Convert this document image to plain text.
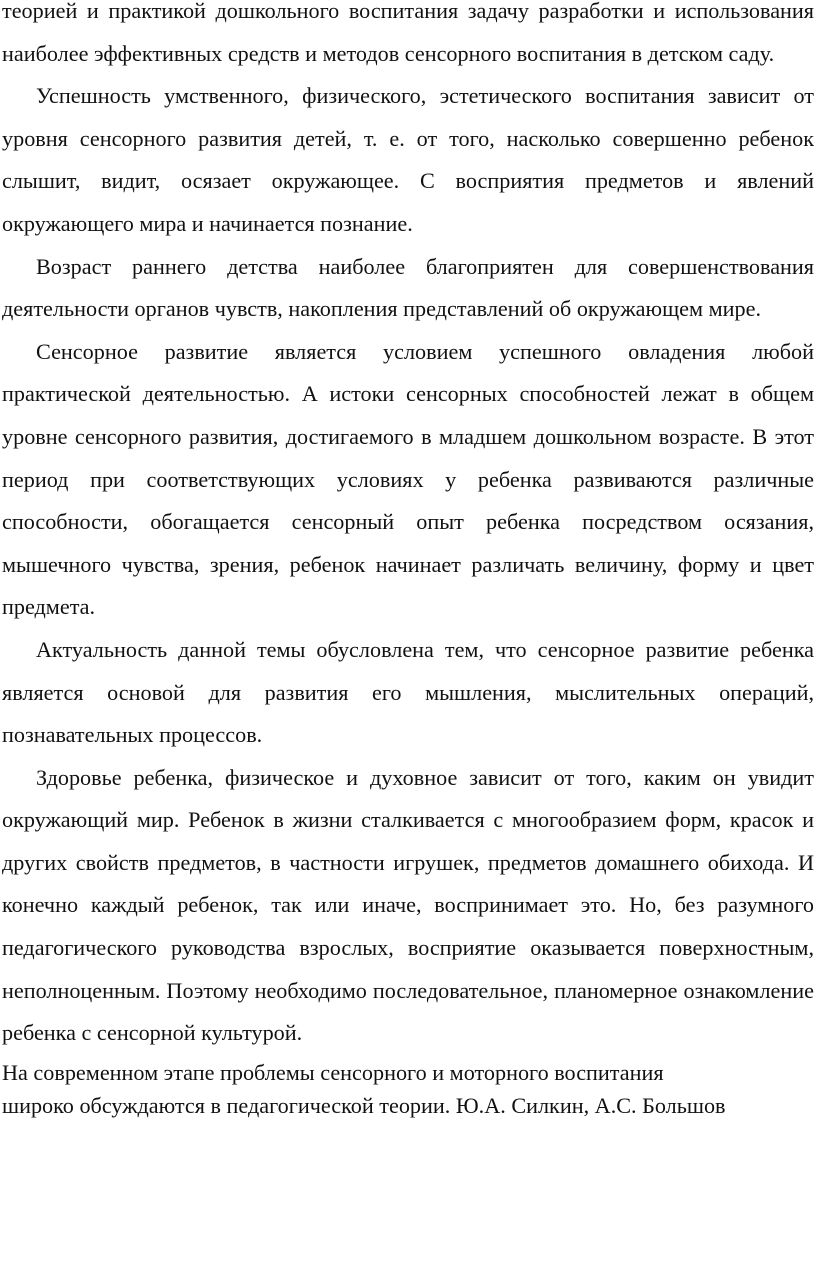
теорией и практикой дошкольного воспитания задачу разработки и использования наиболее эффективных средств и методов сенсорного воспитания в детском саду.

Успешность умственного, физического, эстетического воспитания зависит от уровня сенсорного развития детей, т. е. от того, насколько совершенно ребенок слышит, видит, осязает окружающее. С восприятия предметов и явлений окружающего мира и начинается познание.

Возраст раннего детства наиболее благоприятен для совершенствования деятельности органов чувств, накопления представлений об окружающем мире.

Сенсорное развитие является условием успешного овладения любой практической деятельностью. А истоки сенсорных способностей лежат в общем уровне сенсорного развития, достигаемого в младшем дошкольном возрасте. В этот период при соответствующих условиях у ребенка развиваются различные способности, обогащается сенсорный опыт ребенка посредством осязания, мышечного чувства, зрения, ребенок начинает различать величину, форму и цвет предмета.

Актуальность данной темы обусловлена тем, что сенсорное развитие ребенка является основой для развития его мышления, мыслительных операций, познавательных процессов.

Здоровье ребенка, физическое и духовное зависит от того, каким он увидит окружающий мир. Ребенок в жизни сталкивается с многообразием форм, красок и других свойств предметов, в частности игрушек, предметов домашнего обихода. И конечно каждый ребенок, так или иначе, воспринимает это. Но, без разумного педагогического руководства взрослых, восприятие оказывается поверхностным, неполноценным. Поэтому необходимо последовательное, планомерное ознакомление ребенка с сенсорной культурой.

На современном этапе проблемы сенсорного и моторного воспитания

широко обсуждаются в педагогической теории. Ю.А. Силкин, А.С. Большов
